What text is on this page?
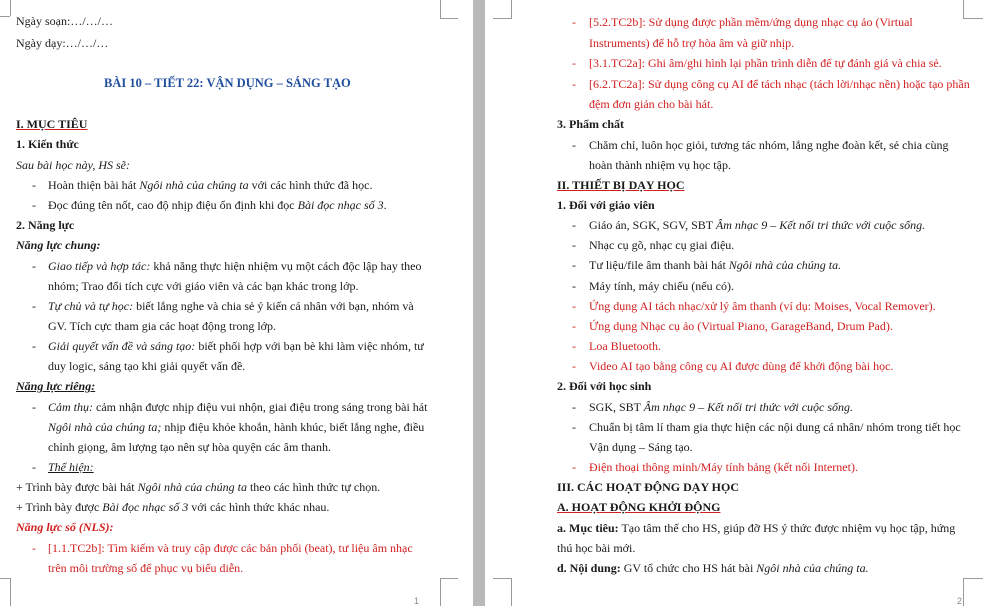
Ngày soạn:…/…/…
Ngày dạy:…/…/…
BÀI 10 – TIẾT 22: VẬN DỤNG – SÁNG TẠO
I. MỤC TIÊU
1. Kiến thức
Sau bài học này, HS sẽ:
- Hoàn thiện bài hát Ngôi nhà của chúng ta với các hình thức đã học.
- Đọc đúng tên nốt, cao độ nhịp điệu ổn định khi đọc Bài đọc nhạc số 3.
2. Năng lực
Năng lực chung:
- Giao tiếp và hợp tác: khả năng thực hiện nhiệm vụ một cách độc lập hay theo
nhóm; Trao đổi tích cực với giáo viên và các bạn khác trong lớp.
- Tự chủ và tự học: biết lắng nghe và chia sẻ ý kiến cá nhân với bạn, nhóm và
GV. Tích cực tham gia các hoạt động trong lớp.
- Giải quyết vấn đề và sáng tạo: biết phối hợp với bạn bè khi làm việc nhóm, tư
duy logic, sáng tạo khi giải quyết vấn đề.
Năng lực riêng:
- Cảm thụ: cảm nhận được nhịp điệu vui nhộn, giai điệu trong sáng trong bài hát
Ngôi nhà của chúng ta; nhịp điệu khỏe khoắn, hành khúc, biết lắng nghe, điều
chỉnh giọng, âm lượng tạo nên sự hòa quyện các âm thanh.
- Thể hiện:
+ Trình bày được bài hát Ngôi nhà của chúng ta theo các hình thức tự chọn.
+ Trình bày được Bài đọc nhạc số 3 với các hình thức khác nhau.
Năng lực số (NLS):
- [1.1.TC2b]: Tìm kiếm và truy cập được các bản phối (beat), tư liệu âm nhạc
trên môi trường số để phục vụ biểu diễn.
1
- [5.2.TC2b]: Sử dụng được phần mềm/ứng dụng nhạc cụ ảo (Virtual
Instruments) để hỗ trợ hòa âm và giữ nhịp.
- [3.1.TC2a]: Ghi âm/ghi hình lại phần trình diễn để tự đánh giá và chia sẻ.
- [6.2.TC2a]: Sử dụng công cụ AI để tách nhạc (tách lời/nhạc nền) hoặc tạo phần
đệm đơn giản cho bài hát.
3. Phẩm chất
- Chăm chỉ, luôn học giỏi, tương tác nhóm, lắng nghe đoàn kết, sẻ chia cùng
hoàn thành nhiệm vụ học tập.
II. THIẾT BỊ DẠY HỌC
1. Đối với giáo viên
- Giáo án, SGK, SGV, SBT Âm nhạc 9 – Kết nối tri thức với cuộc sống.
- Nhạc cụ gõ, nhạc cụ giai điệu.
- Tư liệu/file âm thanh bài hát Ngôi nhà của chúng ta.
- Máy tính, máy chiếu (nếu có).
- Ứng dụng AI tách nhạc/xử lý âm thanh (ví dụ: Moises, Vocal Remover).
- Ứng dụng Nhạc cụ ảo (Virtual Piano, GarageBand, Drum Pad).
- Loa Bluetooth.
- Video AI tạo bằng công cụ AI được dùng để khởi động bài học.
2. Đối với học sinh
- SGK, SBT Âm nhạc 9 – Kết nối tri thức với cuộc sống.
- Chuẩn bị tâm lí tham gia thực hiện các nội dung cá nhân/ nhóm trong tiết học
Vận dụng – Sáng tạo.
- Điện thoại thông minh/Máy tính bảng (kết nối Internet).
III. CÁC HOẠT ĐỘNG DẠY HỌC
A. HOẠT ĐỘNG KHỞI ĐỘNG
a. Mục tiêu: Tạo tâm thế cho HS, giúp đỡ HS ý thức được nhiệm vụ học tập, hứng
thú học bài mới.
d. Nội dung: GV tổ chức cho HS hát bài Ngôi nhà của chúng ta.
2
